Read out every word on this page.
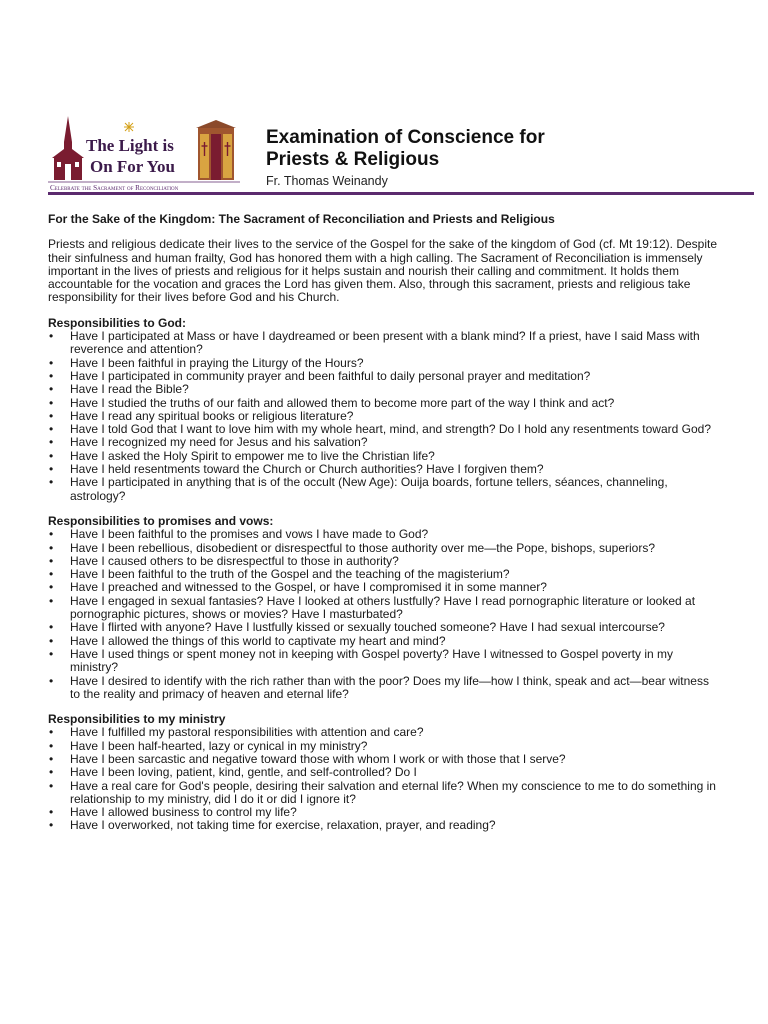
The Light is
On For You
Celebrate the Sacrament of Reconciliation
Examination of Conscience for
Priests & Religious
Fr. Thomas Weinandy

For the Sake of the Kingdom: The Sacrament of Reconciliation and Priests and Religious

Priests and religious dedicate their lives to the service of the Gospel for the sake of the kingdom of God (cf. Mt 19:12). Despite their sinfulness and human frailty, God has honored them with a high calling. The Sacrament of Reconciliation is immensely important in the lives of priests and religious for it helps sustain and nourish their calling and commitment. It holds them accountable for the vocation and graces the Lord has given them. Also, through this sacrament, priests and religious take responsibility for their lives before God and his Church.

Responsibilities to God:

• Have I participated at Mass or have I daydreamed or been present with a blank mind? If a priest, have I said Mass with reverence and attention?
• Have I been faithful in praying the Liturgy of the Hours?
• Have I participated in community prayer and been faithful to daily personal prayer and meditation?
• Have I read the Bible?
• Have I studied the truths of our faith and allowed them to become more part of the way I think and act?
• Have I read any spiritual books or religious literature?
• Have I told God that I want to love him with my whole heart, mind, and strength? Do I hold any resentments toward God?
• Have I recognized my need for Jesus and his salvation?
• Have I asked the Holy Spirit to empower me to live the Christian life?
• Have I held resentments toward the Church or Church authorities? Have I forgiven them?
• Have I participated in anything that is of the occult (New Age): Ouija boards, fortune tellers, séances, channeling, astrology?

Responsibilities to promises and vows:

• Have I been faithful to the promises and vows I have made to God?
• Have I been rebellious, disobedient or disrespectful to those authority over me—the Pope, bishops, superiors?
• Have I caused others to be disrespectful to those in authority?
• Have I been faithful to the truth of the Gospel and the teaching of the magisterium?
• Have I preached and witnessed to the Gospel, or have I compromised it in some manner?
• Have I engaged in sexual fantasies? Have I looked at others lustfully? Have I read pornographic literature or looked at pornographic pictures, shows or movies? Have I masturbated?
• Have I flirted with anyone? Have I lustfully kissed or sexually touched someone? Have I had sexual intercourse?
• Have I allowed the things of this world to captivate my heart and mind?
• Have I used things or spent money not in keeping with Gospel poverty? Have I witnessed to Gospel poverty in my ministry?
• Have I desired to identify with the rich rather than with the poor? Does my life—how I think, speak and act—bear witness to the reality and primacy of heaven and eternal life?

Responsibilities to my ministry

• Have I fulfilled my pastoral responsibilities with attention and care?
• Have I been half-hearted, lazy or cynical in my ministry?
• Have I been sarcastic and negative toward those with whom I work or with those that I serve?
• Have I been loving, patient, kind, gentle, and self-controlled? Do I
• Have a real care for God's people, desiring their salvation and eternal life? When my conscience to me to do something in relationship to my ministry, did I do it or did I ignore it?
• Have I allowed business to control my life?
• Have I overworked, not taking time for exercise, relaxation, prayer, and reading?
